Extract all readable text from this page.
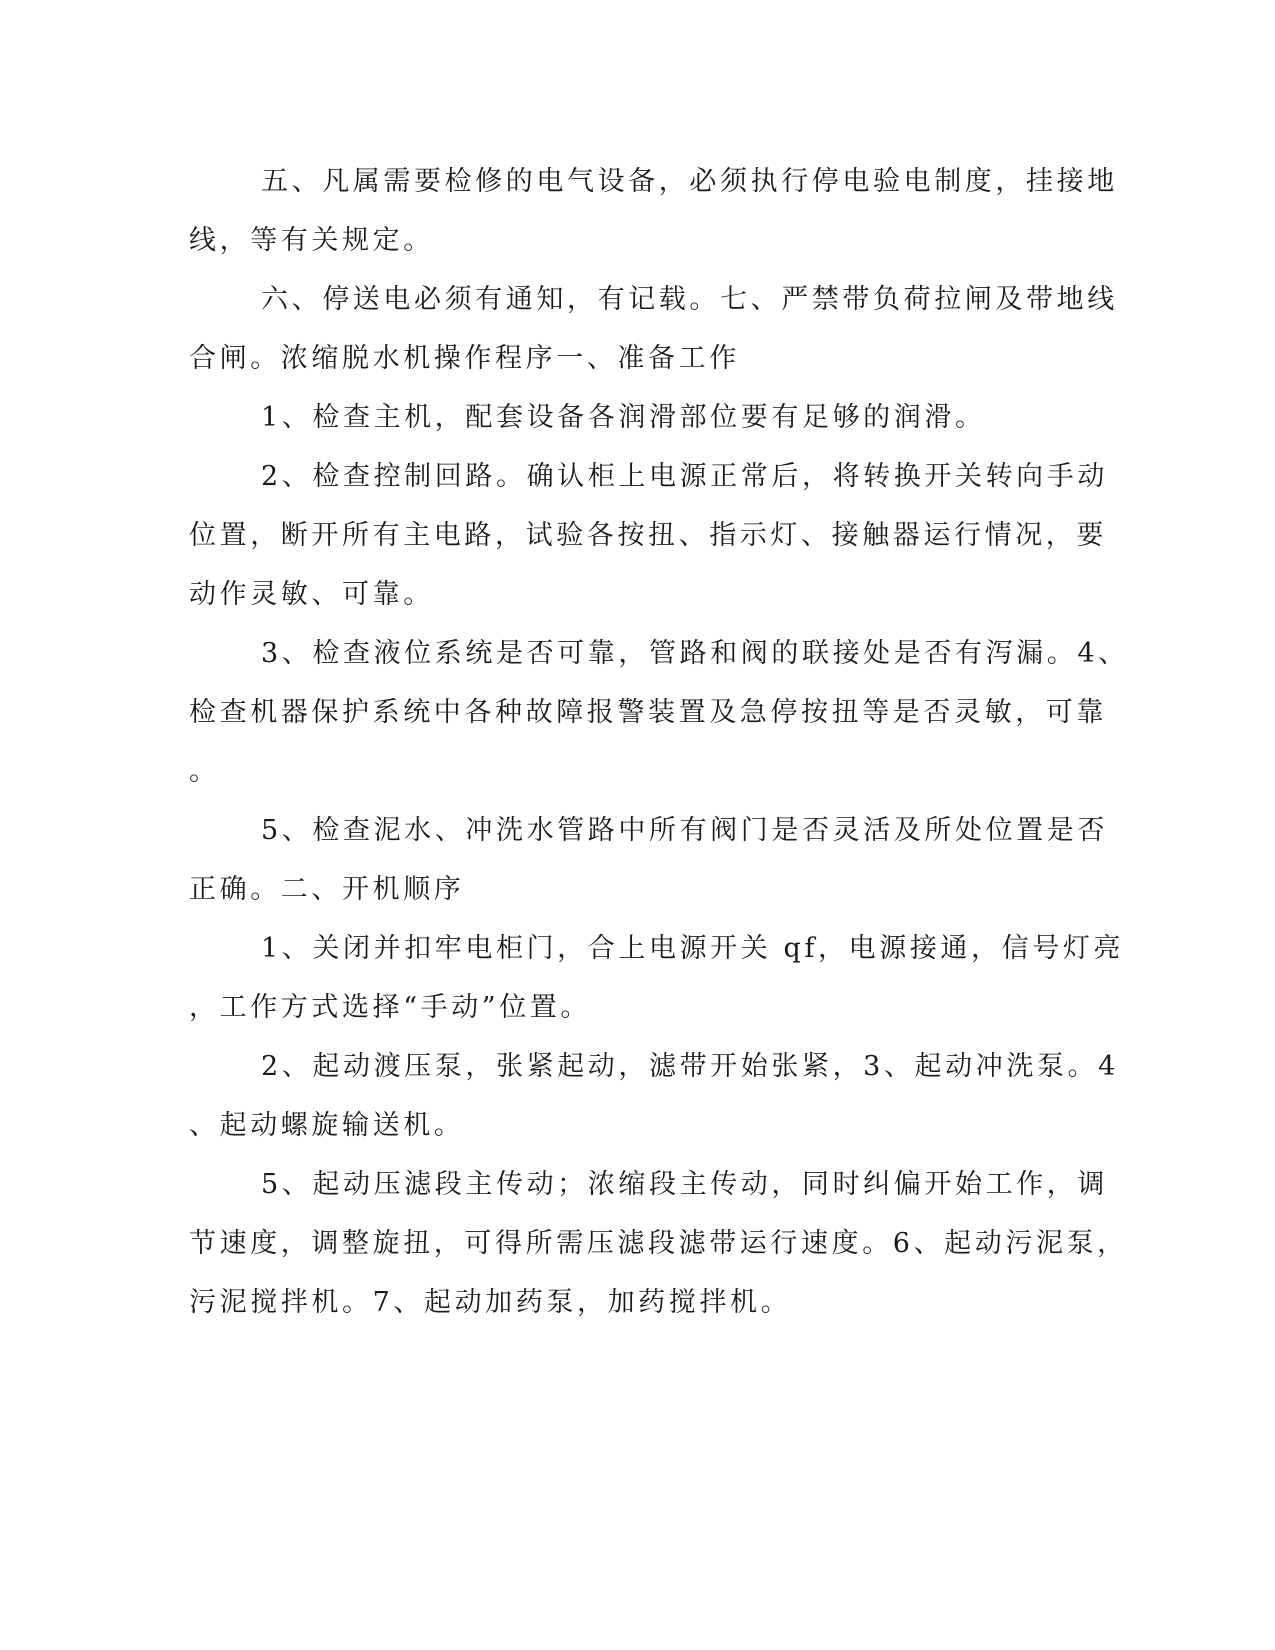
五、凡属需要检修的电气设备，必须执行停电验电制度，挂接地
线，等有关规定。
六、停送电必须有通知，有记载。七、严禁带负荷拉闸及带地线
合闸。浓缩脱水机操作程序一、准备工作
1、检查主机，配套设备各润滑部位要有足够的润滑。
2、检查控制回路。确认柜上电源正常后，将转换开关转向手动
位置，断开所有主电路，试验各按扭、指示灯、接触器运行情况，要
动作灵敏、可靠。
3、检查液位系统是否可靠，管路和阀的联接处是否有泻漏。4、
检查机器保护系统中各种故障报警装置及急停按扭等是否灵敏，可靠
。
5、检查泥水、冲洗水管路中所有阀门是否灵活及所处位置是否
正确。二、开机顺序
1、关闭并扣牢电柜门，合上电源开关 qf，电源接通，信号灯亮
，工作方式选择“手动”位置。
2、起动渡压泵，张紧起动，滤带开始张紧，3、起动冲洗泵。4
、起动螺旋输送机。
5、起动压滤段主传动；浓缩段主传动，同时纠偏开始工作，调
节速度，调整旋扭，可得所需压滤段滤带运行速度。6、起动污泥泵，
污泥搅拌机。7、起动加药泵，加药搅拌机。
